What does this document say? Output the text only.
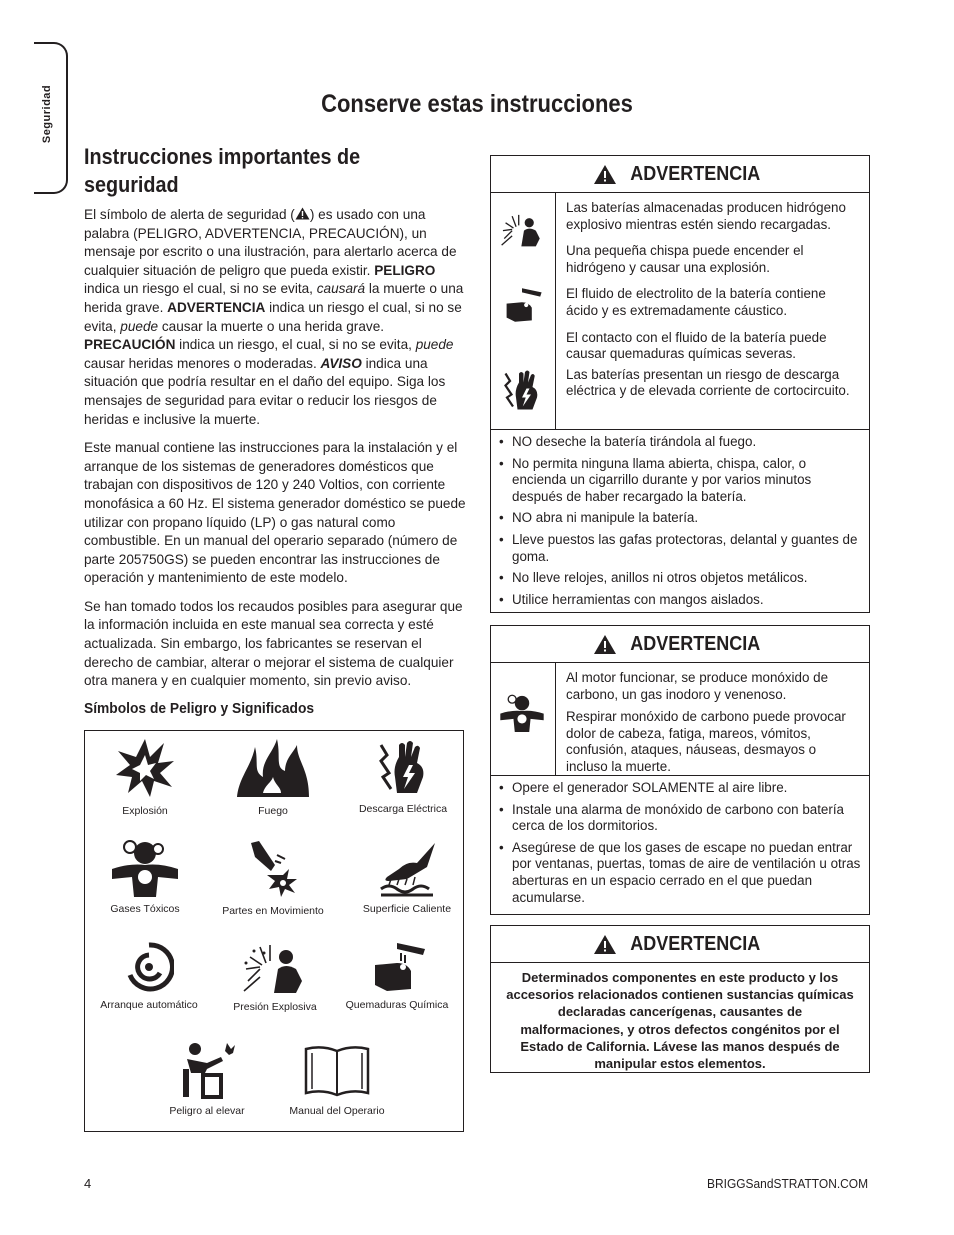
Seguridad	Conserve estas instrucciones
Instrucciones importantes de seguridad

El símbolo de alerta de seguridad ( ) es usado con una palabra (PELIGRO, ADVERTENCIA, PRECAUCIÓN), un mensaje por escrito o una ilustración, para alertarlo acerca de cualquier situación de peligro que pueda existir. PELIGRO indica un riesgo el cual, si no se evita, causará la muerte o una herida grave. ADVERTENCIA indica un riesgo el cual, si no se evita, puede causar la muerte o una herida grave. PRECAUCIÓN indica un riesgo, el cual, si no se evita, puede causar heridas menores o moderadas. AVISO indica una situación que podría resultar en el daño del equipo. Siga los mensajes de seguridad para evitar o reducir los riesgos de heridas e inclusive la muerte.

Este manual contiene las instrucciones para la instalación y el arranque de los sistemas de generadores domésticos que trabajan con dispositivos de 120 y 240 Voltios, con corriente monofásica a 60 Hz. El sistema generador doméstico se puede utilizar con propano líquido (LP) o gas natural como combustible. En un manual del operario separado (número de parte 205750GS) se pueden encontrar las instrucciones de operación y mantenimiento de este modelo.

Se han tomado todos los recaudos posibles para asegurar que la información incluida en este manual sea correcta y esté actualizada. Sin embargo, los fabricantes se reservan el derecho de cambiar, alterar o mejorar el sistema de cualquier otra manera y en cualquier momento, sin previo aviso.

Símbolos de Peligro y Significados
Explosión	Fuego	Descarga Eléctrica
Gases Tóxicos	Partes en Movimiento	Superficie Caliente
Arranque automático	Presión Explosiva	Quemaduras Química
Peligro al elevar	Manual del Operario
ADVERTENCIA

Las baterías almacenadas producen hidrógeno explosivo mientras estén siendo recargadas.

Una pequeña chispa puede encender el hidrógeno y causar una explosión.

El fluido de electrolito de la batería contiene ácido y es extremadamente cáustico.

El contacto con el fluido de la batería puede causar quemaduras químicas severas.

Las baterías presentan un riesgo de descarga eléctrica y de elevada corriente de cortocircuito.

• NO deseche la batería tirándola al fuego.
• No permita ninguna llama abierta, chispa, calor, o encienda un cigarrillo durante y por varios minutos después de haber recargado la batería.
• NO abra ni manipule la batería.
• Lleve puestos las gafas protectoras, delantal y guantes de goma.
• No lleve relojes, anillos ni otros objetos metálicos.
• Utilice herramientas con mangos aislados.
ADVERTENCIA

Al motor funcionar, se produce monóxido de carbono, un gas inodoro y venenoso.

Respirar monóxido de carbono puede provocar dolor de cabeza, fatiga, mareos, vómitos, confusión, ataques, náuseas, desmayos o incluso la muerte.

• Opere el generador SOLAMENTE al aire libre.
• Instale una alarma de monóxido de carbono con batería cerca de los dormitorios.
• Asegúrese de que los gases de escape no puedan entrar por ventanas, puertas, tomas de aire de ventilación u otras aberturas en un espacio cerrado en el que puedan acumularse.
ADVERTENCIA
Determinados componentes en este producto y los accesorios relacionados contienen sustancias químicas declaradas cancerígenas, causantes de malformaciones, y otros defectos congénitos por el Estado de California. Lávese las manos después de manipular estos elementos.
4	BRIGGSandSTRATTON.COM
